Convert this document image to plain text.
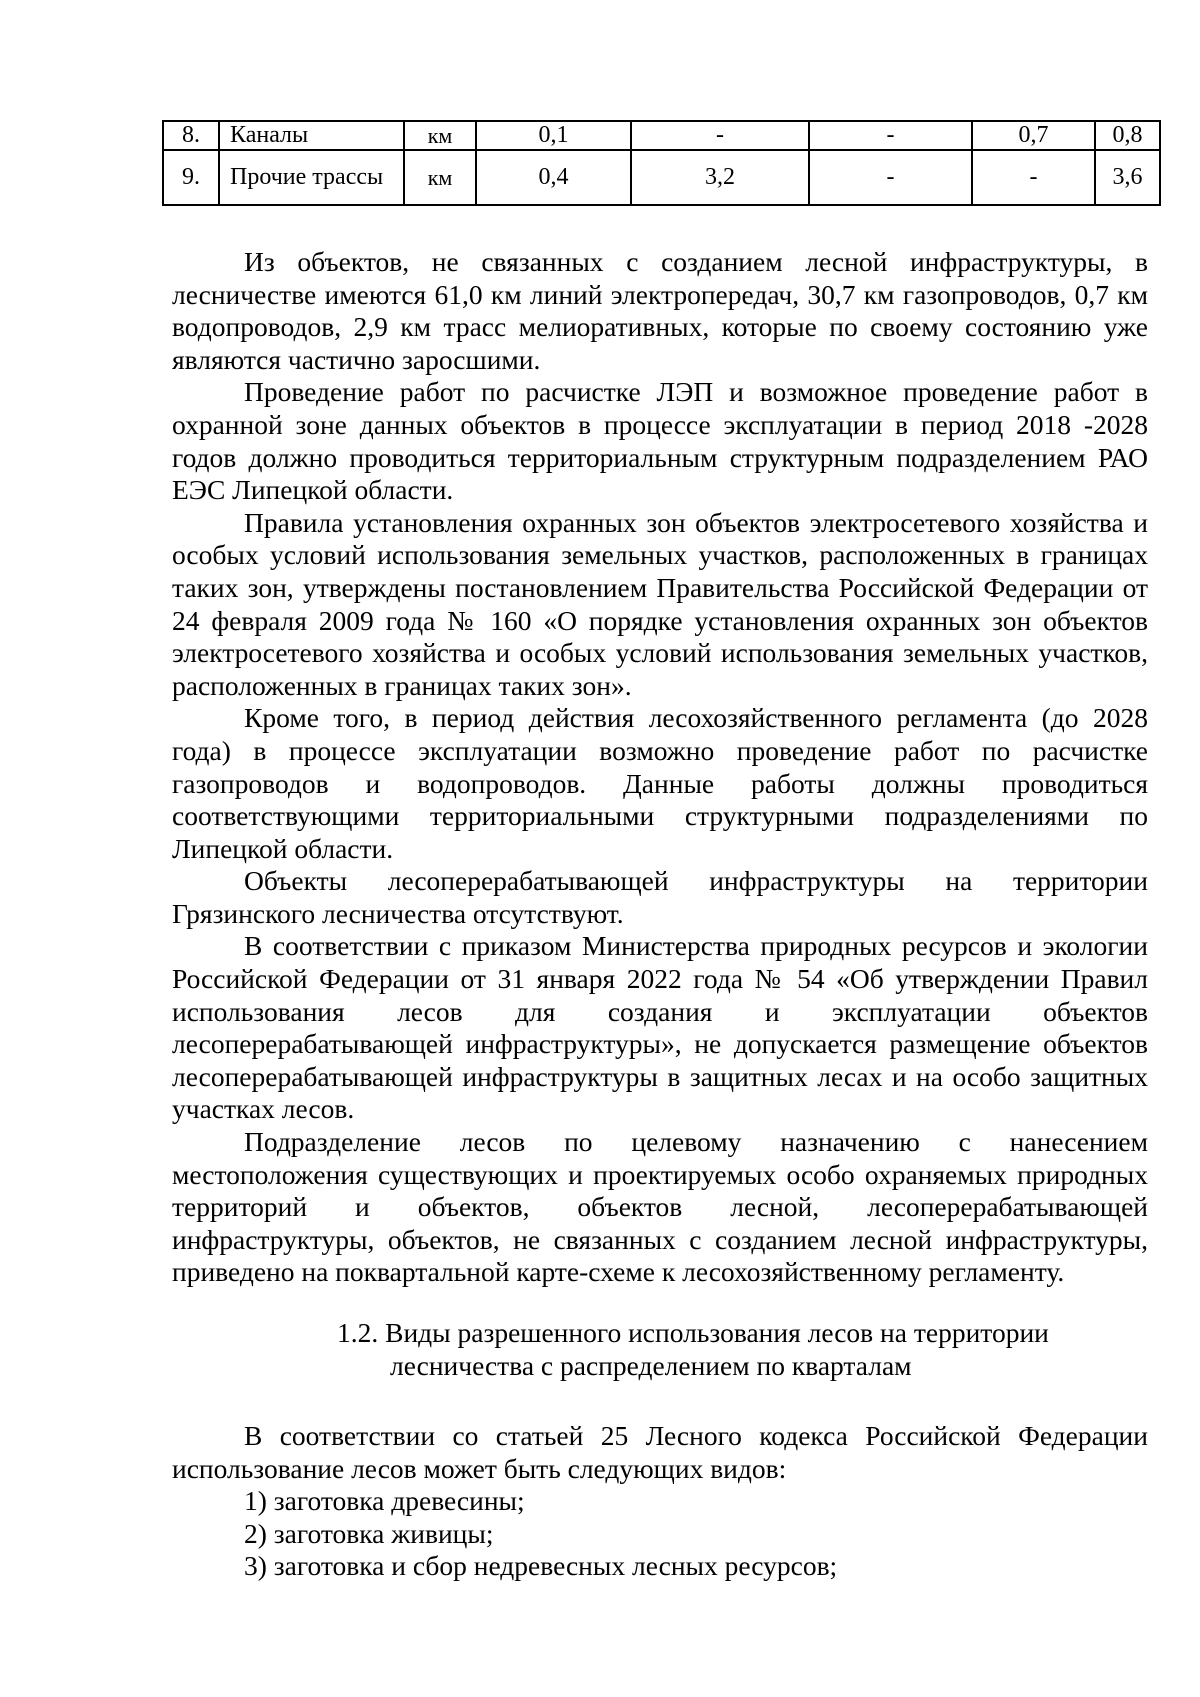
8.	Каналы	км	0,1	-	-	0,7	0,8
9.	Прочие трассы	км	0,4	3,2	-	-	3,6

Из объектов, не связанных с созданием лесной инфраструктуры, в лесничестве имеются 61,0 км линий электропередач, 30,7 км газопроводов, 0,7 км водопроводов, 2,9 км трасс мелиоративных, которые по своему состоянию уже являются частично заросшими.

Проведение работ по расчистке ЛЭП и возможное проведение работ в охранной зоне данных объектов в процессе эксплуатации в период 2018 -2028 годов должно проводиться территориальным структурным подразделением РАО ЕЭС Липецкой области.

Правила установления охранных зон объектов электросетевого хозяйства и особых условий использования земельных участков, расположенных в границах таких зон, утверждены постановлением Правительства Российской Федерации от 24 февраля 2009 года № 160 «О порядке установления охранных зон объектов электросетевого хозяйства и особых условий использования земельных участков, расположенных в границах таких зон».

Кроме того, в период действия лесохозяйственного регламента (до 2028 года) в процессе эксплуатации возможно проведение работ по расчистке газопроводов и водопроводов. Данные работы должны проводиться соответствующими территориальными структурными подразделениями по Липецкой области.

Объекты лесоперерабатывающей инфраструктуры на территории Грязинского лесничества отсутствуют.

В соответствии с приказом Министерства природных ресурсов и экологии Российской Федерации от 31 января 2022 года № 54 «Об утверждении Правил использования лесов для создания и эксплуатации объектов лесоперерабатывающей инфраструктуры», не допускается размещение объектов лесоперерабатывающей инфраструктуры в защитных лесах и на особо защитных участках лесов.

Подразделение лесов по целевому назначению с нанесением местоположения существующих и проектируемых особо охраняемых природных территорий и объектов, объектов лесной, лесоперерабатывающей инфраструктуры, объектов, не связанных с созданием лесной инфраструктуры, приведено на поквартальной карте-схеме к лесохозяйственному регламенту.

1.2. Виды разрешенного использования лесов на территории
лесничества с распределением по кварталам

В соответствии со статьей 25 Лесного кодекса Российской Федерации использование лесов может быть следующих видов:

1) заготовка древесины;
2) заготовка живицы;
3) заготовка и сбор недревесных лесных ресурсов;
